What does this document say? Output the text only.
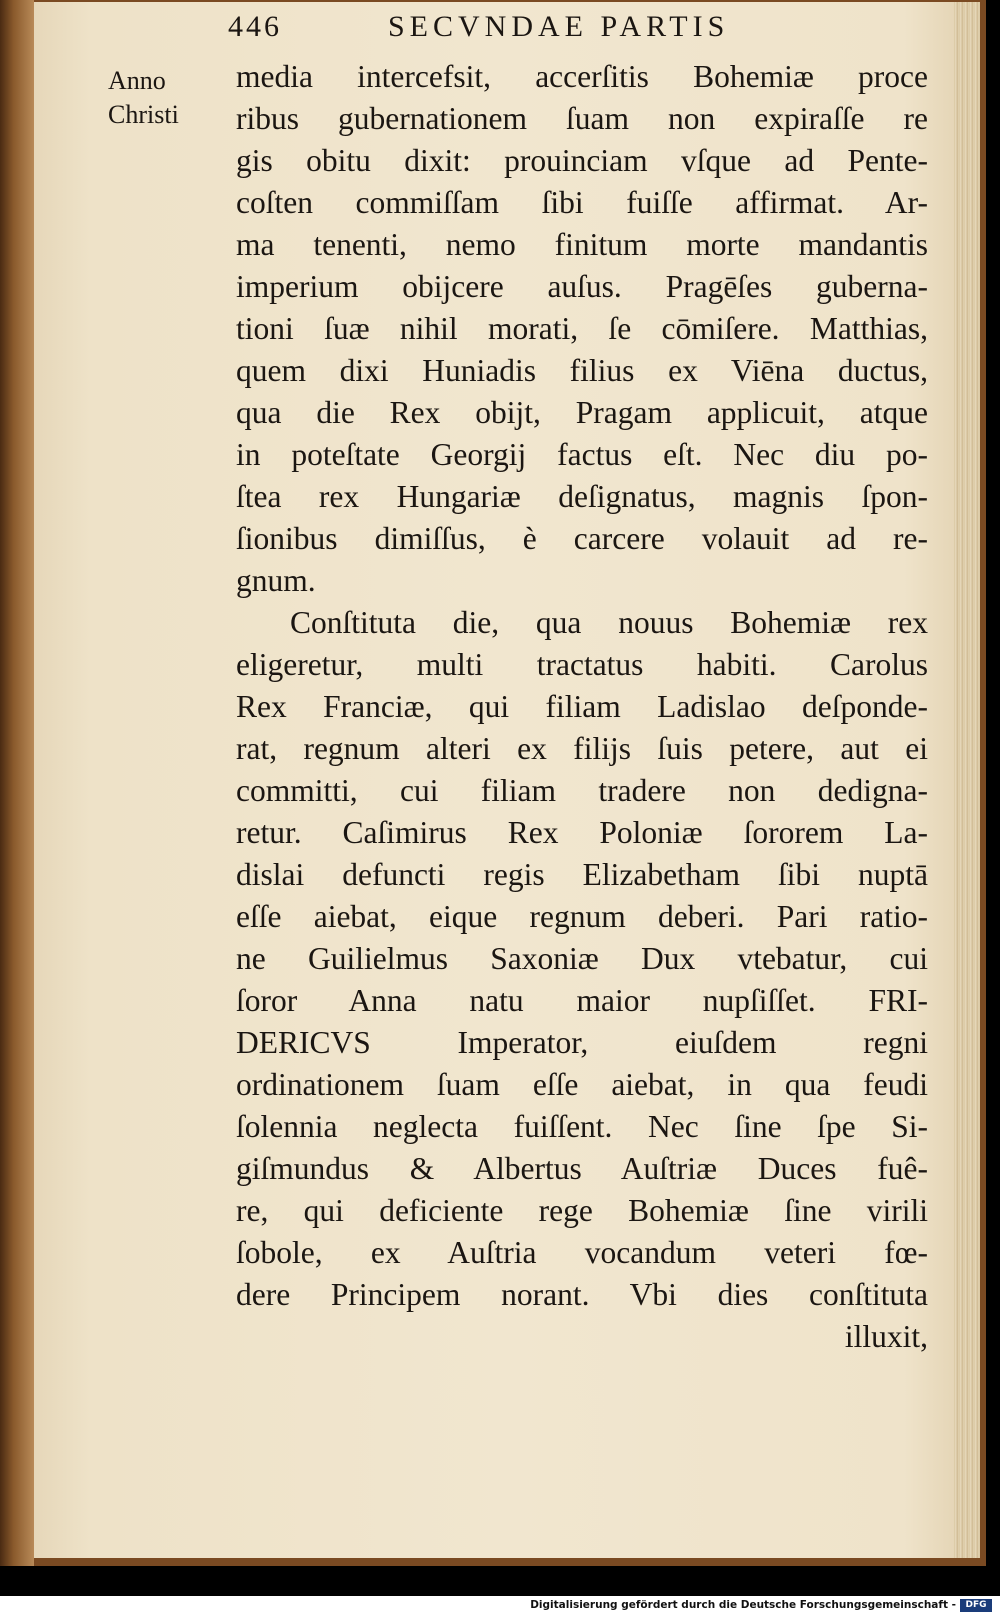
446	SECVNDAE PARTIS
Anno
Christi
media intercefsit, accerſitis Bohemiæ proce
ribus gubernationem ſuam non expiraſſe re
gis obitu dixit: prouinciam vſque ad Pente-
coſten commiſſam ſibi fuiſſe affirmat. Ar-
ma tenenti, nemo finitum morte mandantis
imperium obijcere auſus. Pragēſes guberna-
tioni ſuæ nihil morati, ſe cōmiſere. Matthias,
quem dixi Huniadis filius ex Viēna ductus,
qua die Rex obijt, Pragam applicuit, atque
in poteſtate Georgij factus eſt. Nec diu po-
ſtea rex Hungariæ deſignatus, magnis ſpon-
ſionibus dimiſſus, è carcere volauit ad re-
gnum.
Conſtituta die, qua nouus Bohemiæ rex
eligeretur, multi tractatus habiti. Carolus
Rex Franciæ, qui filiam Ladislao deſponde-
rat, regnum alteri ex filijs ſuis petere, aut ei
committi, cui filiam tradere non dedigna-
retur. Caſimirus Rex Poloniæ ſororem La-
dislai defuncti regis Elizabetham ſibi nuptā
eſſe aiebat, eique regnum deberi. Pari ratio-
ne Guilielmus Saxoniæ Dux vtebatur, cui
ſoror Anna natu maior nupſiſſet. FRI-
DERICVS Imperator, eiuſdem regni
ordinationem ſuam eſſe aiebat, in qua feudi
ſolennia neglecta fuiſſent. Nec ſine ſpe Si-
giſmundus & Albertus Auſtriæ Duces fuê-
re, qui deficiente rege Bohemiæ ſine virili
ſobole, ex Auſtria vocandum veteri fœ-
dere Principem norant. Vbi dies conſtituta
illuxit,
Digitalisierung gefördert durch die Deutsche Forschungsgemeinschaft -	DFG
